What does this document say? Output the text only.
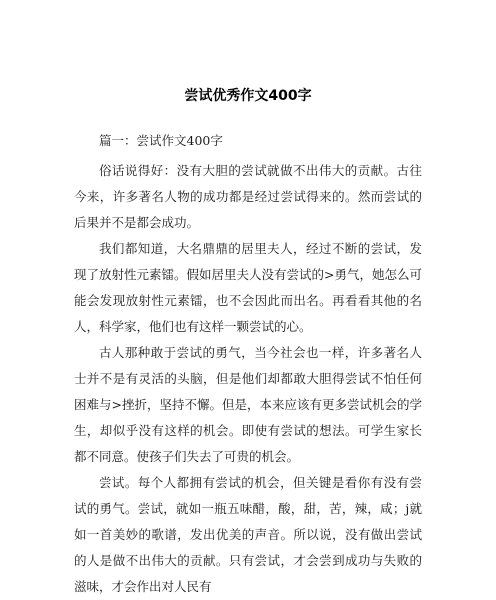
尝试优秀作文400字

篇一：尝试作文400字

俗话说得好：没有大胆的尝试就做不出伟大的贡献。古往今来，许多著名人物的成功都是经过尝试得来的。然而尝试的后果并不是都会成功。

我们都知道，大名鼎鼎的居里夫人，经过不断的尝试，发现了放射性元素镭。假如居里夫人没有尝试的>勇气，她怎么可能会发现放射性元素镭，也不会因此而出名。再看看其他的名人，科学家，他们也有这样一颗尝试的心。

古人那种敢于尝试的勇气，当今社会也一样，许多著名人士并不是有灵活的头脑，但是他们却都敢大胆得尝试不怕任何困难与>挫折，坚持不懈。但是，本来应该有更多尝试机会的学生，却似乎没有这样的机会。即使有尝试的想法。可学生家长都不同意。使孩子们失去了可贵的机会。

尝试。每个人都拥有尝试的机会，但关键是看你有没有尝试的勇气。尝试，就如一瓶五味醋，酸，甜，苦，辣，咸；j就如一首美妙的歌谱，发出优美的声音。所以说，没有做出尝试的人是做不出伟大的贡献。只有尝试，才会尝到成功与失败的滋味，才会作出对人民有
